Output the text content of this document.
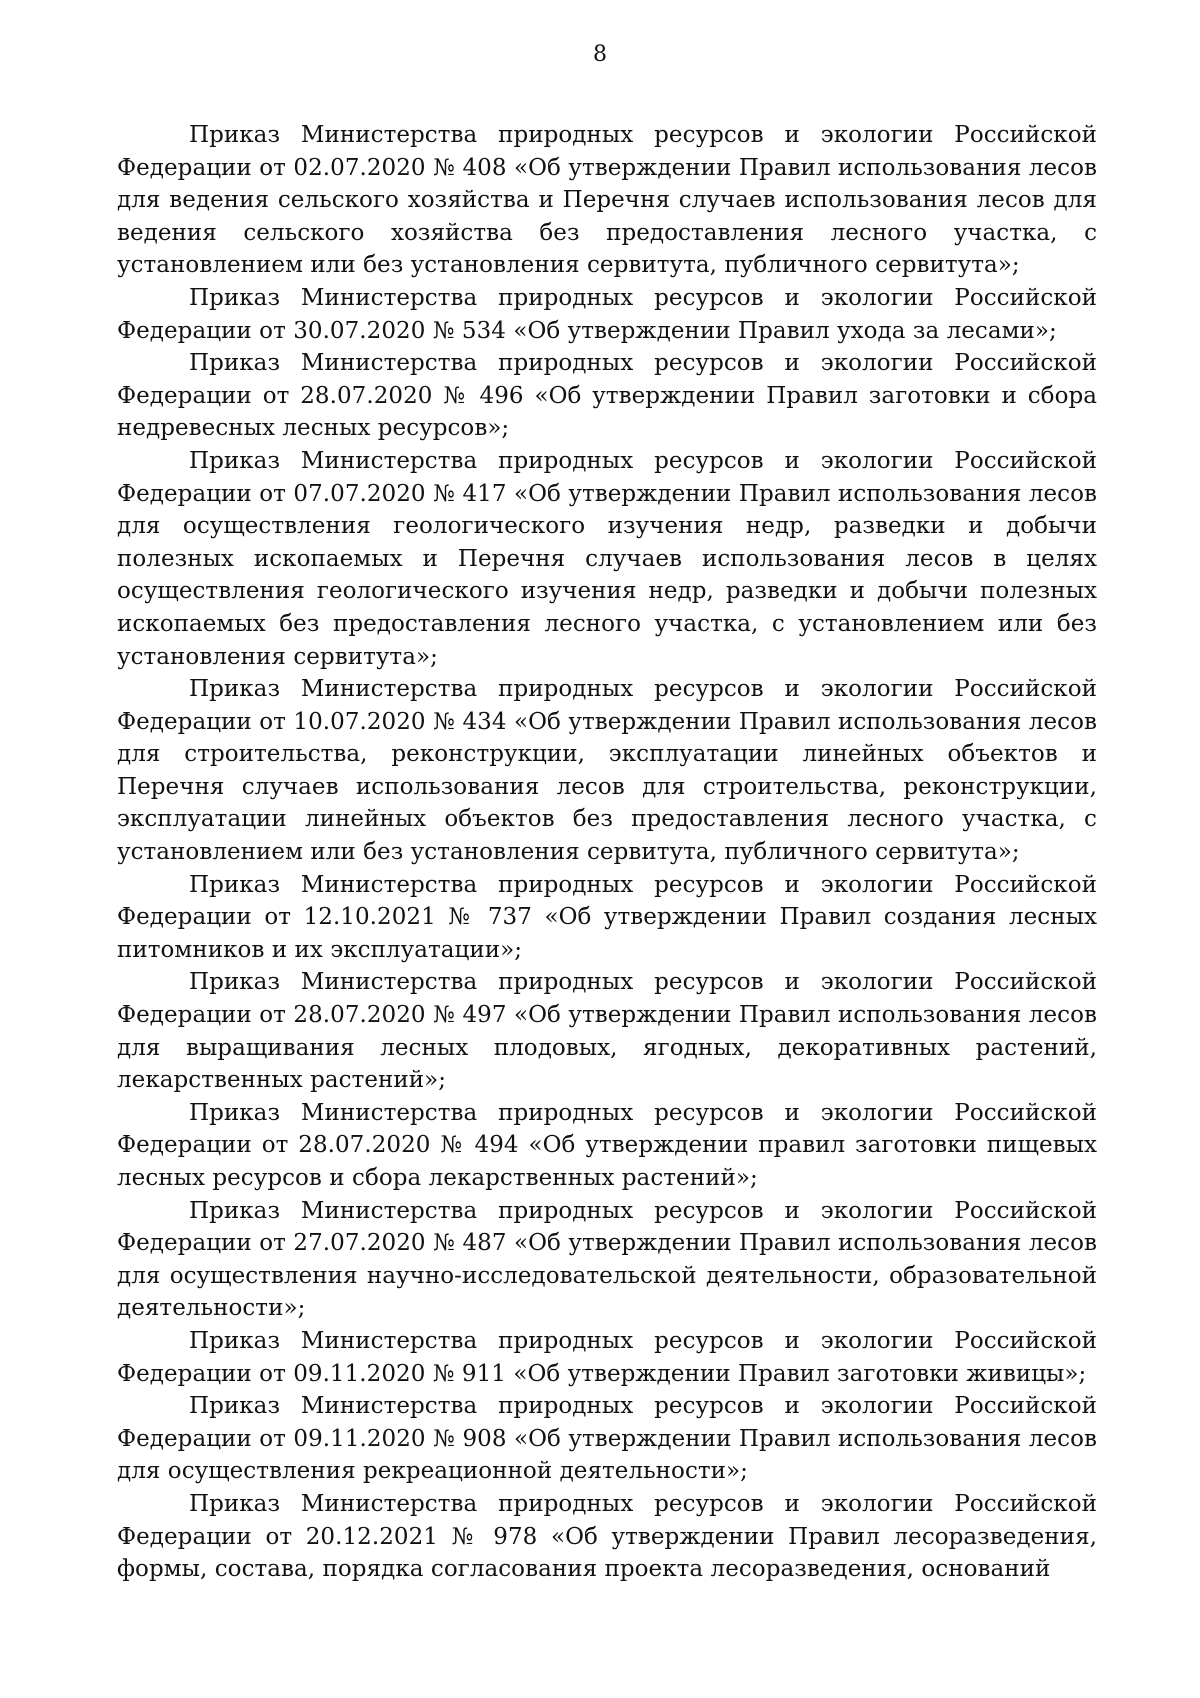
8

Приказ Министерства природных ресурсов и экологии Российской Федерации от 02.07.2020 № 408 «Об утверждении Правил использования лесов для ведения сельского хозяйства и Перечня случаев использования лесов для ведения сельского хозяйства без предоставления лесного участка, с установлением или без установления сервитута, публичного сервитута»;

Приказ Министерства природных ресурсов и экологии Российской Федерации от 30.07.2020 № 534 «Об утверждении Правил ухода за лесами»;

Приказ Министерства природных ресурсов и экологии Российской Федерации от 28.07.2020 № 496 «Об утверждении Правил заготовки и сбора недревесных лесных ресурсов»;

Приказ Министерства природных ресурсов и экологии Российской Федерации от 07.07.2020 № 417 «Об утверждении Правил использования лесов для осуществления геологического изучения недр, разведки и добычи полезных ископаемых и Перечня случаев использования лесов в целях осуществления геологического изучения недр, разведки и добычи полезных ископаемых без предоставления лесного участка, с установлением или без установления сервитута»;

Приказ Министерства природных ресурсов и экологии Российской Федерации от 10.07.2020 № 434 «Об утверждении Правил использования лесов для строительства, реконструкции, эксплуатации линейных объектов и Перечня случаев использования лесов для строительства, реконструкции, эксплуатации линейных объектов без предоставления лесного участка, с установлением или без установления сервитута, публичного сервитута»;

Приказ Министерства природных ресурсов и экологии Российской Федерации от 12.10.2021 № 737 «Об утверждении Правил создания лесных питомников и их эксплуатации»;

Приказ Министерства природных ресурсов и экологии Российской Федерации от 28.07.2020 № 497 «Об утверждении Правил использования лесов для выращивания лесных плодовых, ягодных, декоративных растений, лекарственных растений»;

Приказ Министерства природных ресурсов и экологии Российской Федерации от 28.07.2020 № 494 «Об утверждении правил заготовки пищевых лесных ресурсов и сбора лекарственных растений»;

Приказ Министерства природных ресурсов и экологии Российской Федерации от 27.07.2020 № 487 «Об утверждении Правил использования лесов для осуществления научно-исследовательской деятельности, образовательной деятельности»;

Приказ Министерства природных ресурсов и экологии Российской Федерации от 09.11.2020 № 911 «Об утверждении Правил заготовки живицы»;

Приказ Министерства природных ресурсов и экологии Российской Федерации от 09.11.2020 № 908 «Об утверждении Правил использования лесов для осуществления рекреационной деятельности»;

Приказ Министерства природных ресурсов и экологии Российской Федерации от 20.12.2021 № 978 «Об утверждении Правил лесоразведения, формы, состава, порядка согласования проекта лесоразведения, оснований
